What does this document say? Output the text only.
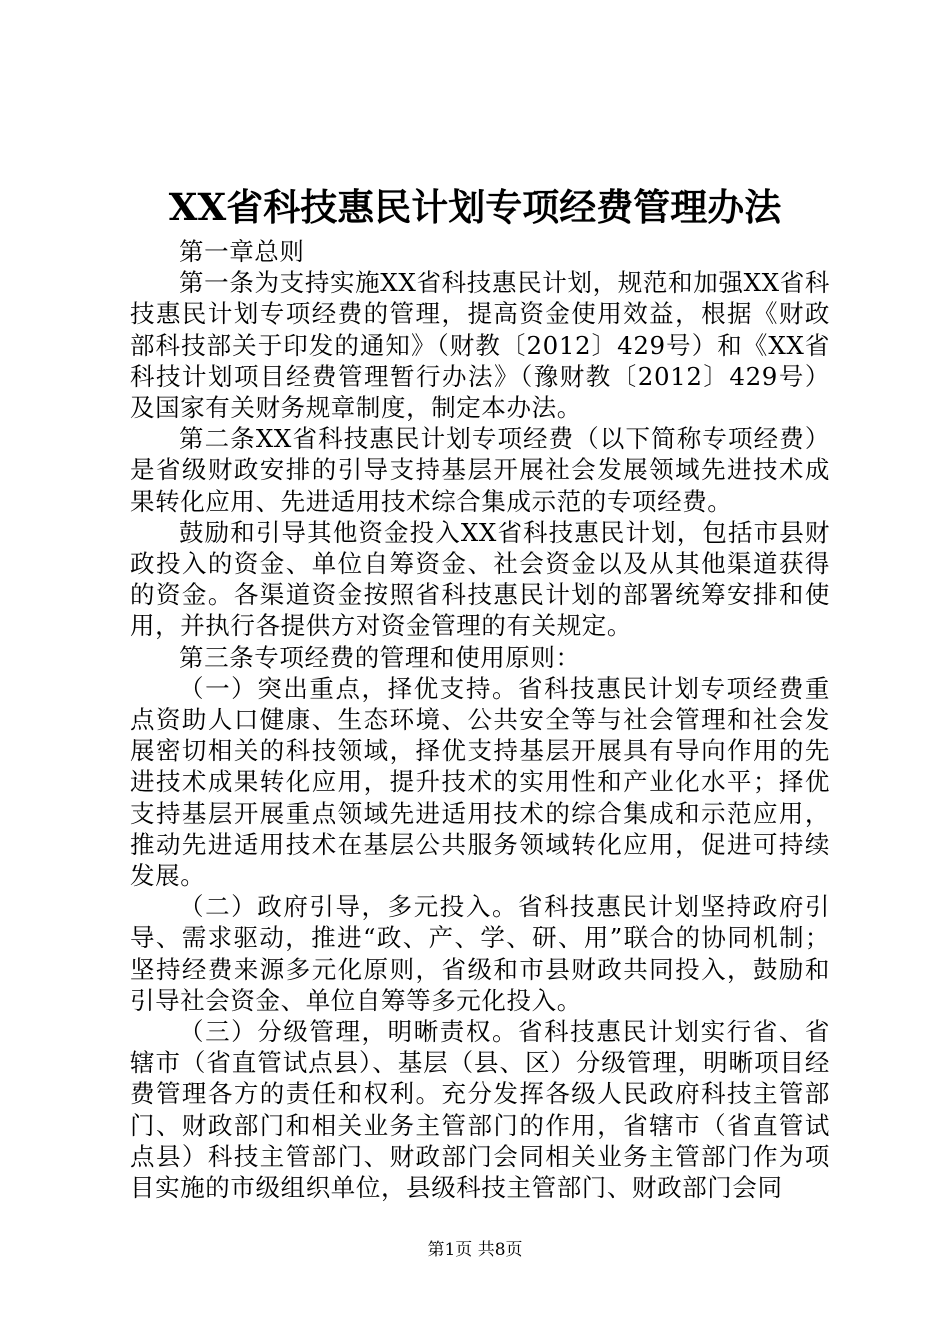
XX省科技惠民计划专项经费管理办法

第一章总则

第一条为支持实施XX省科技惠民计划，规范和加强XX省科技惠民计划专项经费的管理，提高资金使用效益，根据《财政部科技部关于印发的通知》（财教〔2012〕429号）和《XX省科技计划项目经费管理暂行办法》（豫财教〔2012〕429号）及国家有关财务规章制度，制定本办法。

第二条XX省科技惠民计划专项经费（以下简称专项经费）是省级财政安排的引导支持基层开展社会发展领域先进技术成果转化应用、先进适用技术综合集成示范的专项经费。

鼓励和引导其他资金投入XX省科技惠民计划，包括市县财政投入的资金、单位自筹资金、社会资金以及从其他渠道获得的资金。各渠道资金按照省科技惠民计划的部署统筹安排和使用，并执行各提供方对资金管理的有关规定。

第三条专项经费的管理和使用原则：

（一）突出重点，择优支持。省科技惠民计划专项经费重点资助人口健康、生态环境、公共安全等与社会管理和社会发展密切相关的科技领域，择优支持基层开展具有导向作用的先进技术成果转化应用，提升技术的实用性和产业化水平；择优支持基层开展重点领域先进适用技术的综合集成和示范应用，推动先进适用技术在基层公共服务领域转化应用，促进可持续发展。

（二）政府引导，多元投入。省科技惠民计划坚持政府引导、需求驱动，推进“政、产、学、研、用”联合的协同机制；坚持经费来源多元化原则，省级和市县财政共同投入，鼓励和引导社会资金、单位自筹等多元化投入。

（三）分级管理，明晰责权。省科技惠民计划实行省、省辖市（省直管试点县）、基层（县、区）分级管理，明晰项目经费管理各方的责任和权利。充分发挥各级人民政府科技主管部门、财政部门和相关业务主管部门的作用，省辖市（省直管试点县）科技主管部门、财政部门会同相关业务主管部门作为项目实施的市级组织单位，县级科技主管部门、财政部门会同

第1页 共8页
